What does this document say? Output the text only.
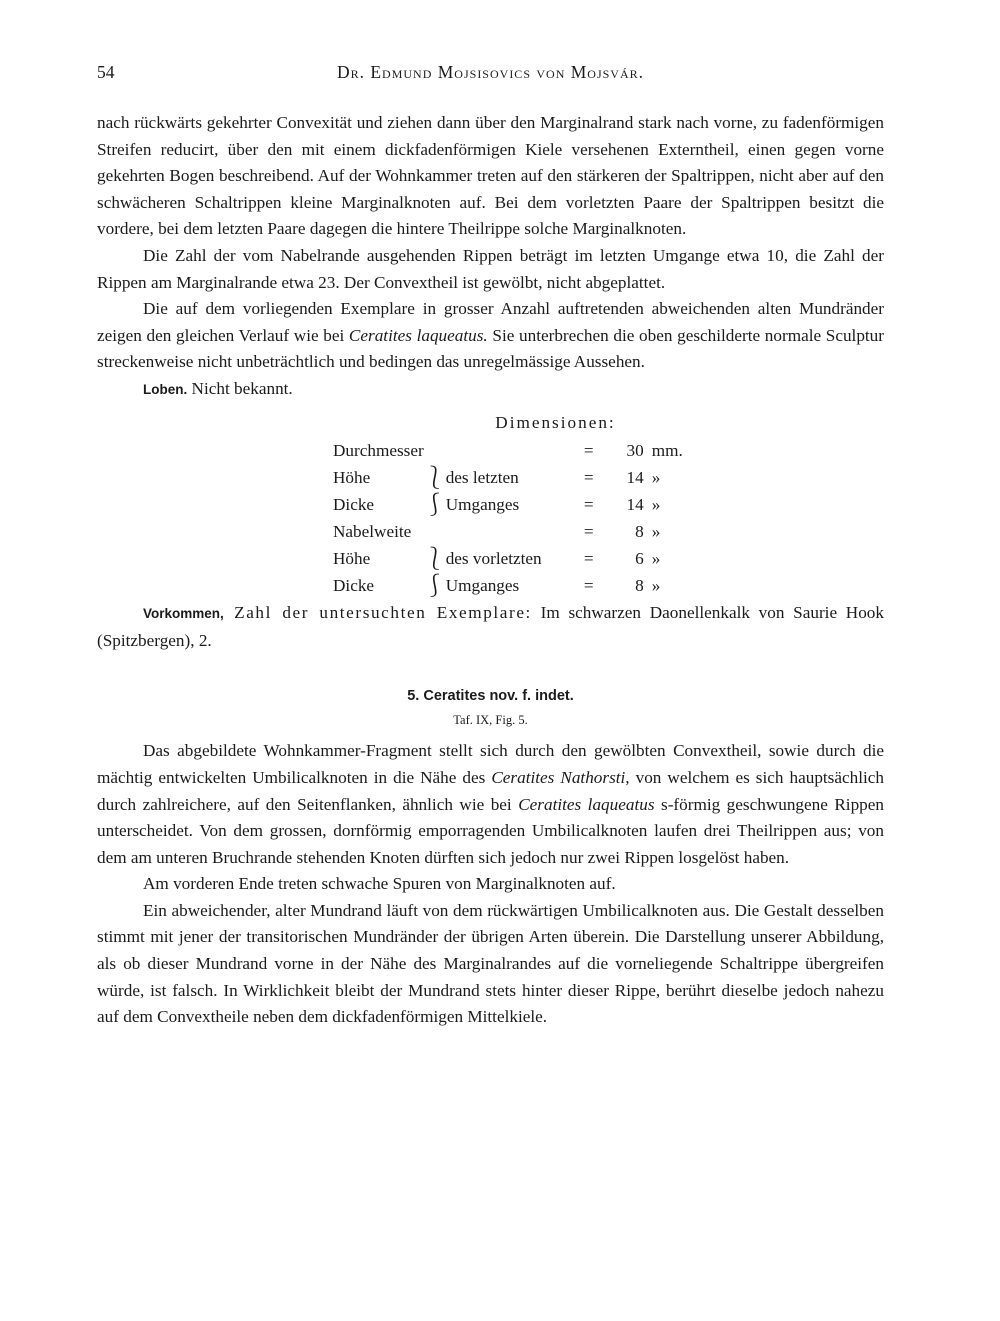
54	Dr. Edmund Mojsisovics von Mojsvár.

nach rückwärts gekehrter Convexität und ziehen dann über den Marginalrand stark nach vorne, zu fadenförmigen Streifen reducirt, über den mit einem dickfadenförmigen Kiele versehenen Externtheil, einen gegen vorne gekehrten Bogen beschreibend. Auf der Wohnkammer treten auf den stärkeren der Spaltrippen, nicht aber auf den schwächeren Schaltrippen kleine Marginalknoten auf. Bei dem vorletzten Paare der Spaltrippen besitzt die vordere, bei dem letzten Paare dagegen die hintere Theilrippe solche Marginalknoten.

Die Zahl der vom Nabelrande ausgehenden Rippen beträgt im letzten Umgange etwa 10, die Zahl der Rippen am Marginalrande etwa 23. Der Convextheil ist gewölbt, nicht abgeplattet.

Die auf dem vorliegenden Exemplare in grosser Anzahl auftretenden abweichenden alten Mundränder zeigen den gleichen Verlauf wie bei Ceratites laqueatus. Sie unterbrechen die oben geschilderte normale Sculptur streckenweise nicht unbeträchtlich und bedingen das unregelmässige Aussehen.

Loben. Nicht bekannt.

Dimensionen:
Durchmesser			=	30	mm.
Höhe	⎱	des letzten	=	14	»
Dicke	⎰	Umganges	=	14	»
Nabelweite			=	8	»
Höhe	⎱	des vorletzten	=	6	»
Dicke	⎰	Umganges	=	8	»

Vorkommen, Zahl der untersuchten Exemplare: Im schwarzen Daonellenkalk von Saurie Hook (Spitzbergen), 2.

5. Ceratites nov. f. indet.
Taf. IX, Fig. 5.

Das abgebildete Wohnkammer-Fragment stellt sich durch den gewölbten Convextheil, sowie durch die mächtig entwickelten Umbilicalknoten in die Nähe des Ceratites Nathorsti, von welchem es sich hauptsächlich durch zahlreichere, auf den Seitenflanken, ähnlich wie bei Ceratites laqueatus s-förmig geschwungene Rippen unterscheidet. Von dem grossen, dornförmig emporragenden Umbilicalknoten laufen drei Theilrippen aus; von dem am unteren Bruchrande stehenden Knoten dürften sich jedoch nur zwei Rippen losgelöst haben.

Am vorderen Ende treten schwache Spuren von Marginalknoten auf.

Ein abweichender, alter Mundrand läuft von dem rückwärtigen Umbilicalknoten aus. Die Gestalt desselben stimmt mit jener der transitorischen Mundränder der übrigen Arten überein. Die Darstellung unserer Abbildung, als ob dieser Mundrand vorne in der Nähe des Marginalrandes auf die vorneliegende Schaltrippe übergreifen würde, ist falsch. In Wirklichkeit bleibt der Mundrand stets hinter dieser Rippe, berührt dieselbe jedoch nahezu auf dem Convextheile neben dem dickfadenförmigen Mittelkiele.
